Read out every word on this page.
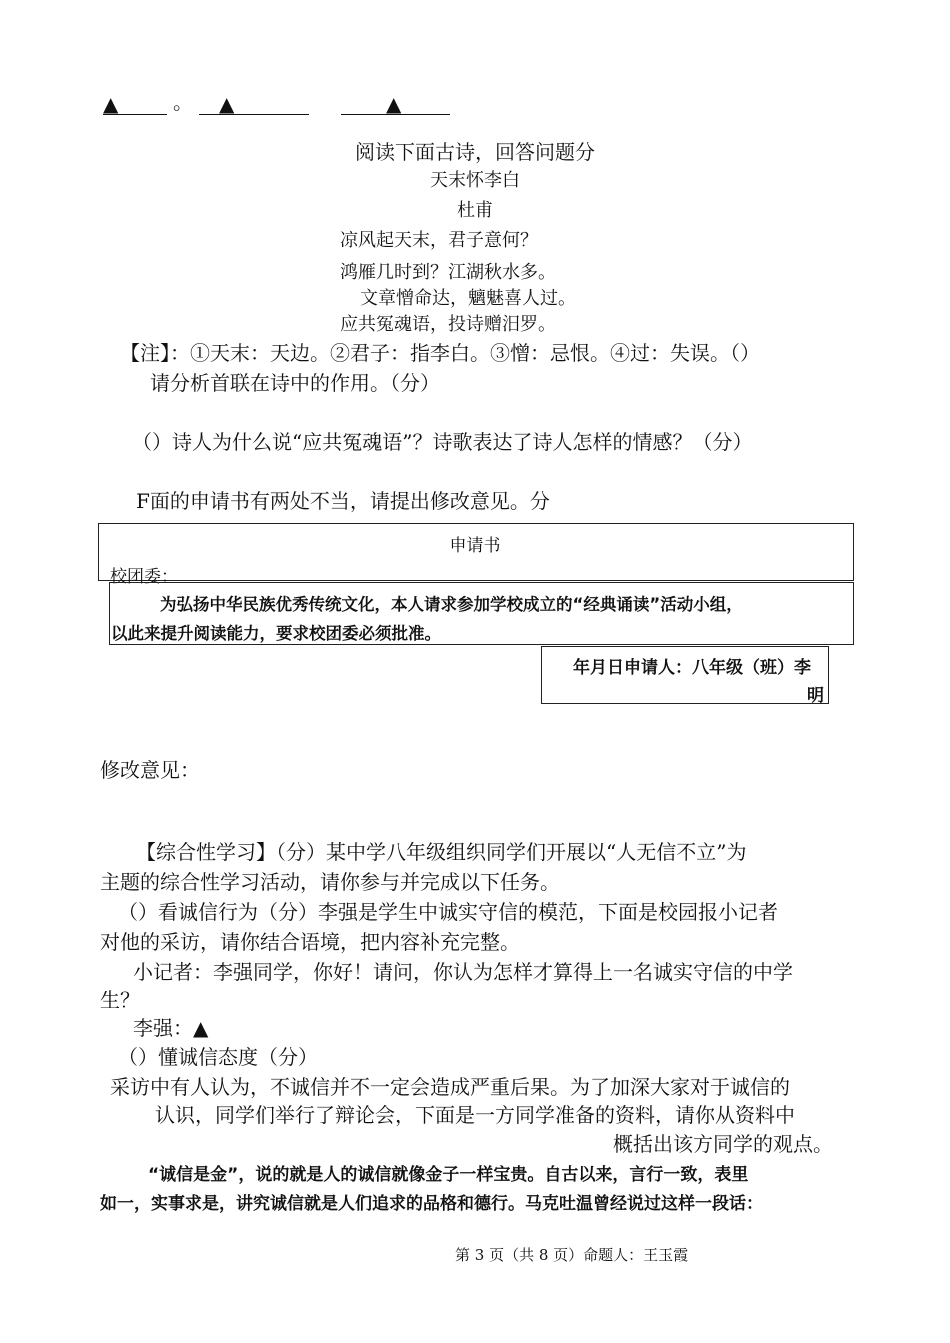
▲	。 ▲	▲
阅读下面古诗，回答问题分
天末怀李白
杜甫
凉风起天末，君子意何？
鸿雁几时到？江湖秋水多。
文章憎命达，魑魅喜人过。
应共冤魂语，投诗赠汨罗。
【注】：①天末：天边。②君子：指李白。③憎：忌恨。④过：失误。（）
请分析首联在诗中的作用。（分）
（）诗人为什么说“应共冤魂语”？诗歌表达了诗人怎样的情感？（分）
F面的申请书有两处不当，请提出修改意见。分
申请书
校团委：
为弘扬中华民族优秀传统文化，本人请求参加学校成立的“经典诵读”活动小组，
以此来提升阅读能力，要求校团委必须批准。
年月日申请人：八年级（班）李
明
修改意见：
【综合性学习】（分）某中学八年级组织同学们开展以“人无信不立”为
主题的综合性学习活动，请你参与并完成以下任务。
（）看诚信行为（分）李强是学生中诚实守信的模范，下面是校园报小记者
对他的采访，请你结合语境，把内容补充完整。
小记者：李强同学，你好！请问，你认为怎样才算得上一名诚实守信的中学
生？
李强：▲
（）懂诚信态度（分）
采访中有人认为，不诚信并不一定会造成严重后果。为了加深大家对于诚信的
认识，同学们举行了辩论会，下面是一方同学准备的资料，请你从资料中
概括出该方同学的观点。
“诚信是金”，说的就是人的诚信就像金子一样宝贵。自古以来，言行一致，表里
如一，实事求是，讲究诚信就是人们追求的品格和德行。马克吐温曾经说过这样一段话：
第 3 页（共 8 页）命题人：王玉霞
